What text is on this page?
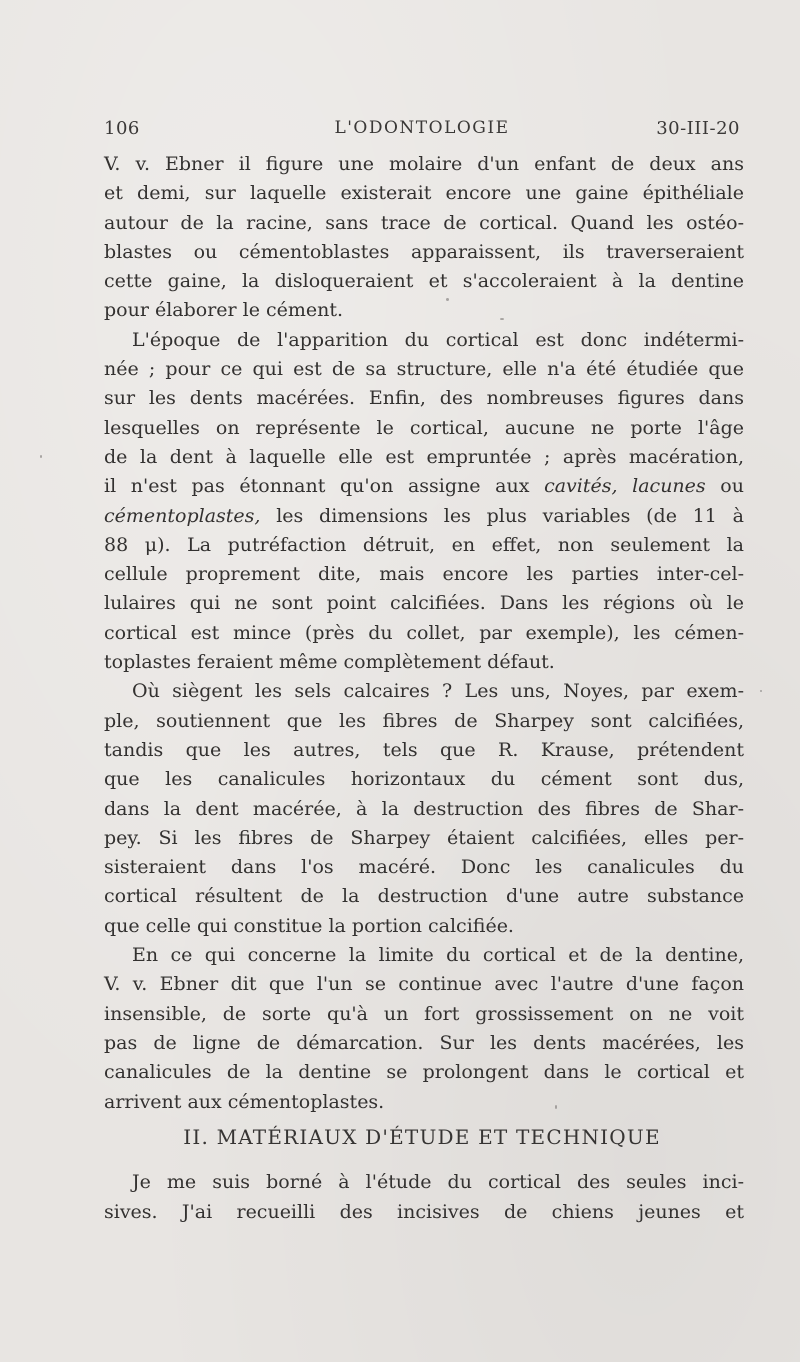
106	L'ODONTOLOGIE	30-III-20
V. v. Ebner il figure une molaire d'un enfant de deux ans
et demi, sur laquelle existerait encore une gaine épithéliale
autour de la racine, sans trace de cortical. Quand les ostéo-
blastes ou cémentoblastes apparaissent, ils traverseraient
cette gaine, la disloqueraient et s'accoleraient à la dentine
pour élaborer le cément.
L'époque de l'apparition du cortical est donc indétermi-
née ; pour ce qui est de sa structure, elle n'a été étudiée que
sur les dents macérées. Enfin, des nombreuses figures dans
lesquelles on représente le cortical, aucune ne porte l'âge
de la dent à laquelle elle est empruntée ; après macération,
il n'est pas étonnant qu'on assigne aux cavités, lacunes ou
cémentoplastes, les dimensions les plus variables (de 11 à
88 μ). La putréfaction détruit, en effet, non seulement la
cellule proprement dite, mais encore les parties inter-cel-
lulaires qui ne sont point calcifiées. Dans les régions où le
cortical est mince (près du collet, par exemple), les cémen-
toplastes feraient même complètement défaut.
Où siègent les sels calcaires ? Les uns, Noyes, par exem-
ple, soutiennent que les fibres de Sharpey sont calcifiées,
tandis que les autres, tels que R. Krause, prétendent
que les canalicules horizontaux du cément sont dus,
dans la dent macérée, à la destruction des fibres de Shar-
pey. Si les fibres de Sharpey étaient calcifiées, elles per-
sisteraient dans l'os macéré. Donc les canalicules du
cortical résultent de la destruction d'une autre substance
que celle qui constitue la portion calcifiée.
En ce qui concerne la limite du cortical et de la dentine,
V. v. Ebner dit que l'un se continue avec l'autre d'une façon
insensible, de sorte qu'à un fort grossissement on ne voit
pas de ligne de démarcation. Sur les dents macérées, les
canalicules de la dentine se prolongent dans le cortical et
arrivent aux cémentoplastes.
II. MATÉRIAUX D'ÉTUDE ET TECHNIQUE
Je me suis borné à l'étude du cortical des seules inci-
sives. J'ai recueilli des incisives de chiens jeunes et
